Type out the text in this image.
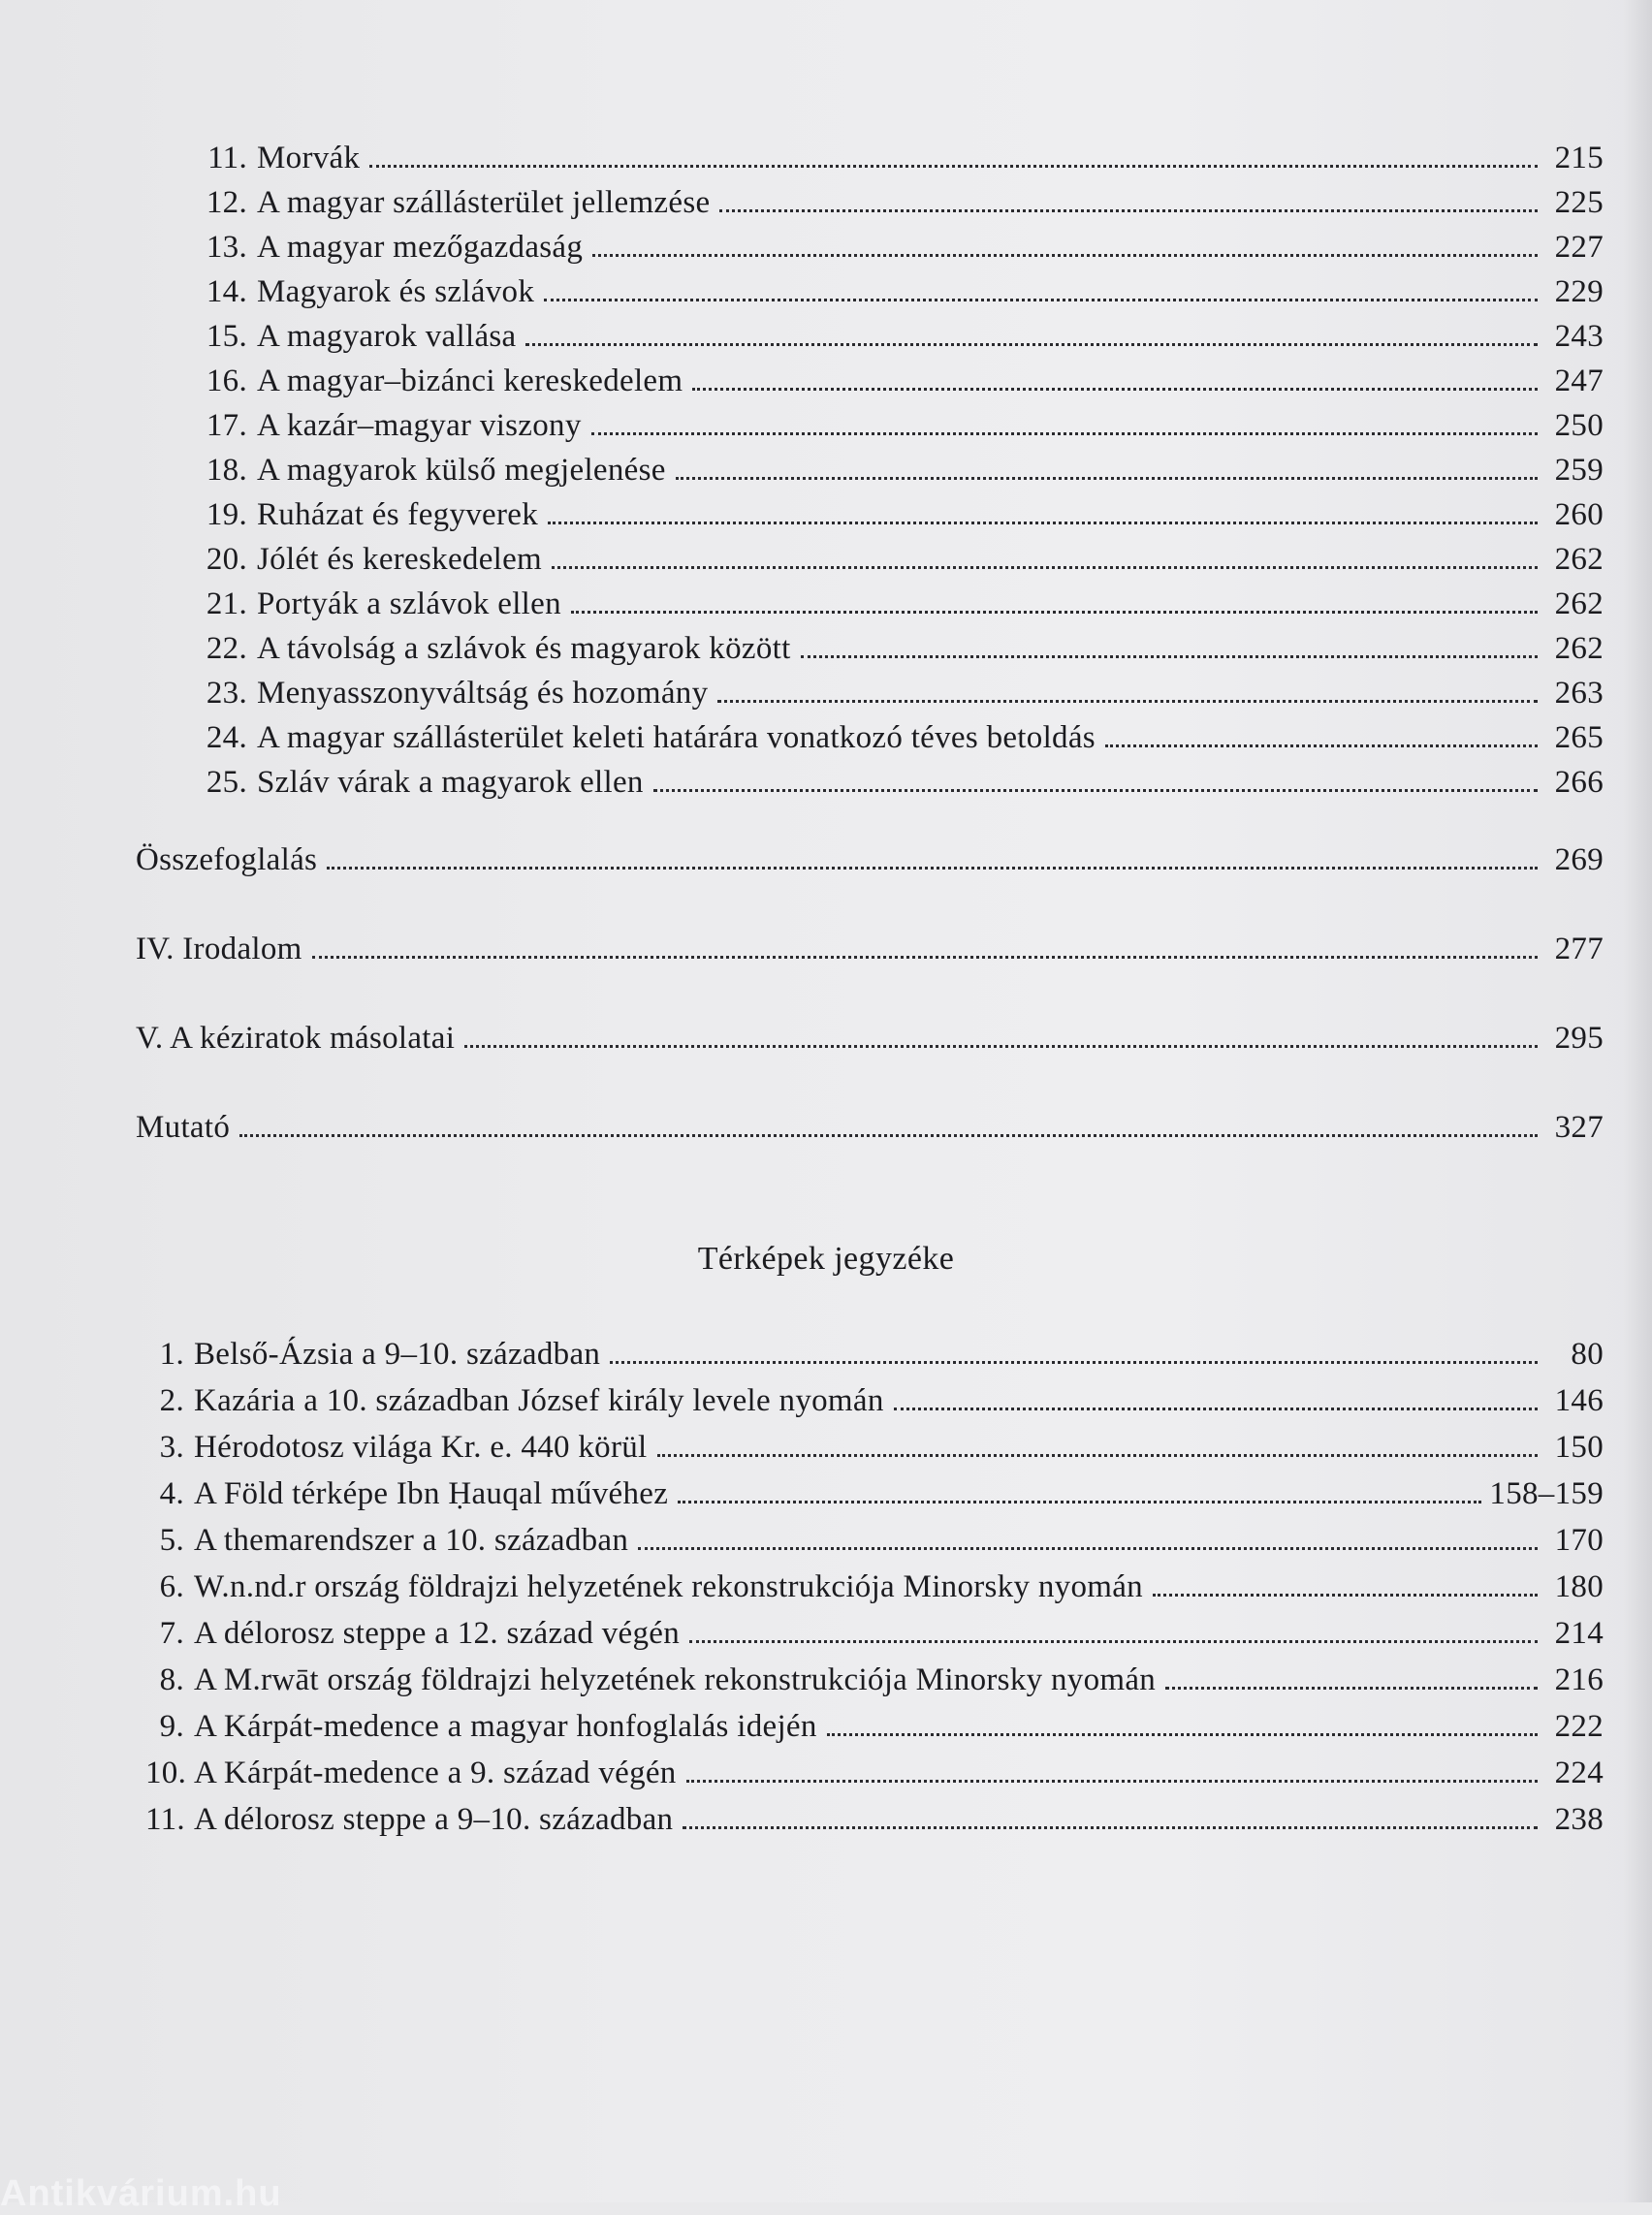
11. Morvák	215
12. A magyar szállásterület jellemzése	225
13. A magyar mezőgazdaság	227
14. Magyarok és szlávok	229
15. A magyarok vallása	243
16. A magyar–bizánci kereskedelem	247
17. A kazár–magyar viszony	250
18. A magyarok külső megjelenése	259
19. Ruházat és fegyverek	260
20. Jólét és kereskedelem	262
21. Portyák a szlávok ellen	262
22. A távolság a szlávok és magyarok között	262
23. Menyasszonyváltság és hozomány	263
24. A magyar szállásterület keleti határára vonatkozó téves betoldás	265
25. Szláv várak a magyarok ellen	266
Összefoglalás	269
IV. Irodalom	277
V. A kéziratok másolatai	295
Mutató	327
Térképek jegyzéke
1. Belső-Ázsia a 9–10. században	80
2. Kazária a 10. században József király levele nyomán	146
3. Hérodotosz világa Kr. e. 440 körül	150
4. A Föld térképe Ibn Ḥauqal művéhez	158–159
5. A themarendszer a 10. században	170
6. W.n.nd.r ország földrajzi helyzetének rekonstrukciója Minorsky nyomán	180
7. A délorosz steppe a 12. század végén	214
8. A M.rwāt ország földrajzi helyzetének rekonstrukciója Minorsky nyomán	216
9. A Kárpát-medence a magyar honfoglalás idején	222
10. A Kárpát-medence a 9. század végén	224
11. A délorosz steppe a 9–10. században	238
Antikvárium.hu
